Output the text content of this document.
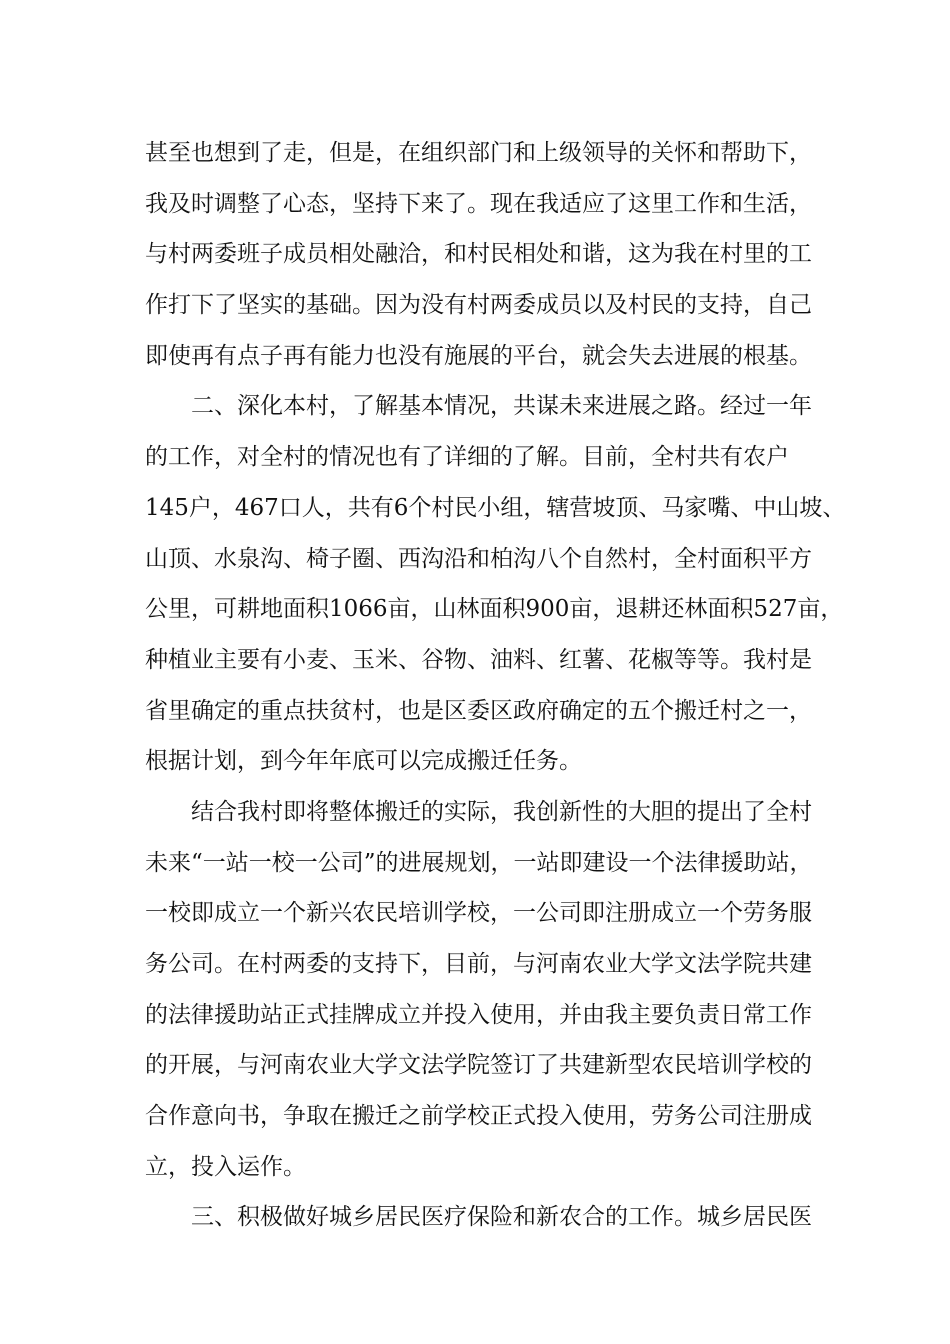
甚至也想到了走，但是，在组织部门和上级领导的关怀和帮助下，
我及时调整了心态，坚持下来了。现在我适应了这里工作和生活，
与村两委班子成员相处融洽，和村民相处和谐，这为我在村里的工
作打下了坚实的基础。因为没有村两委成员以及村民的支持，自己
即使再有点子再有能力也没有施展的平台，就会失去进展的根基。
二、深化本村，了解基本情况，共谋未来进展之路。经过一年
的工作，对全村的情况也有了详细的了解。目前，全村共有农户
145户，467口人，共有6个村民小组，辖营坡顶、马家嘴、中山坡、
山顶、水泉沟、椅子圈、西沟沿和柏沟八个自然村，全村面积平方
公里，可耕地面积1066亩，山林面积900亩，退耕还林面积527亩，
种植业主要有小麦、玉米、谷物、油料、红薯、花椒等等。我村是
省里确定的重点扶贫村，也是区委区政府确定的五个搬迁村之一，
根据计划，到今年年底可以完成搬迁任务。
结合我村即将整体搬迁的实际，我创新性的大胆的提出了全村
未来“一站一校一公司”的进展规划，一站即建设一个法律援助站，
一校即成立一个新兴农民培训学校，一公司即注册成立一个劳务服
务公司。在村两委的支持下，目前，与河南农业大学文法学院共建
的法律援助站正式挂牌成立并投入使用，并由我主要负责日常工作
的开展，与河南农业大学文法学院签订了共建新型农民培训学校的
合作意向书，争取在搬迁之前学校正式投入使用，劳务公司注册成
立，投入运作。
三、积极做好城乡居民医疗保险和新农合的工作。城乡居民医
